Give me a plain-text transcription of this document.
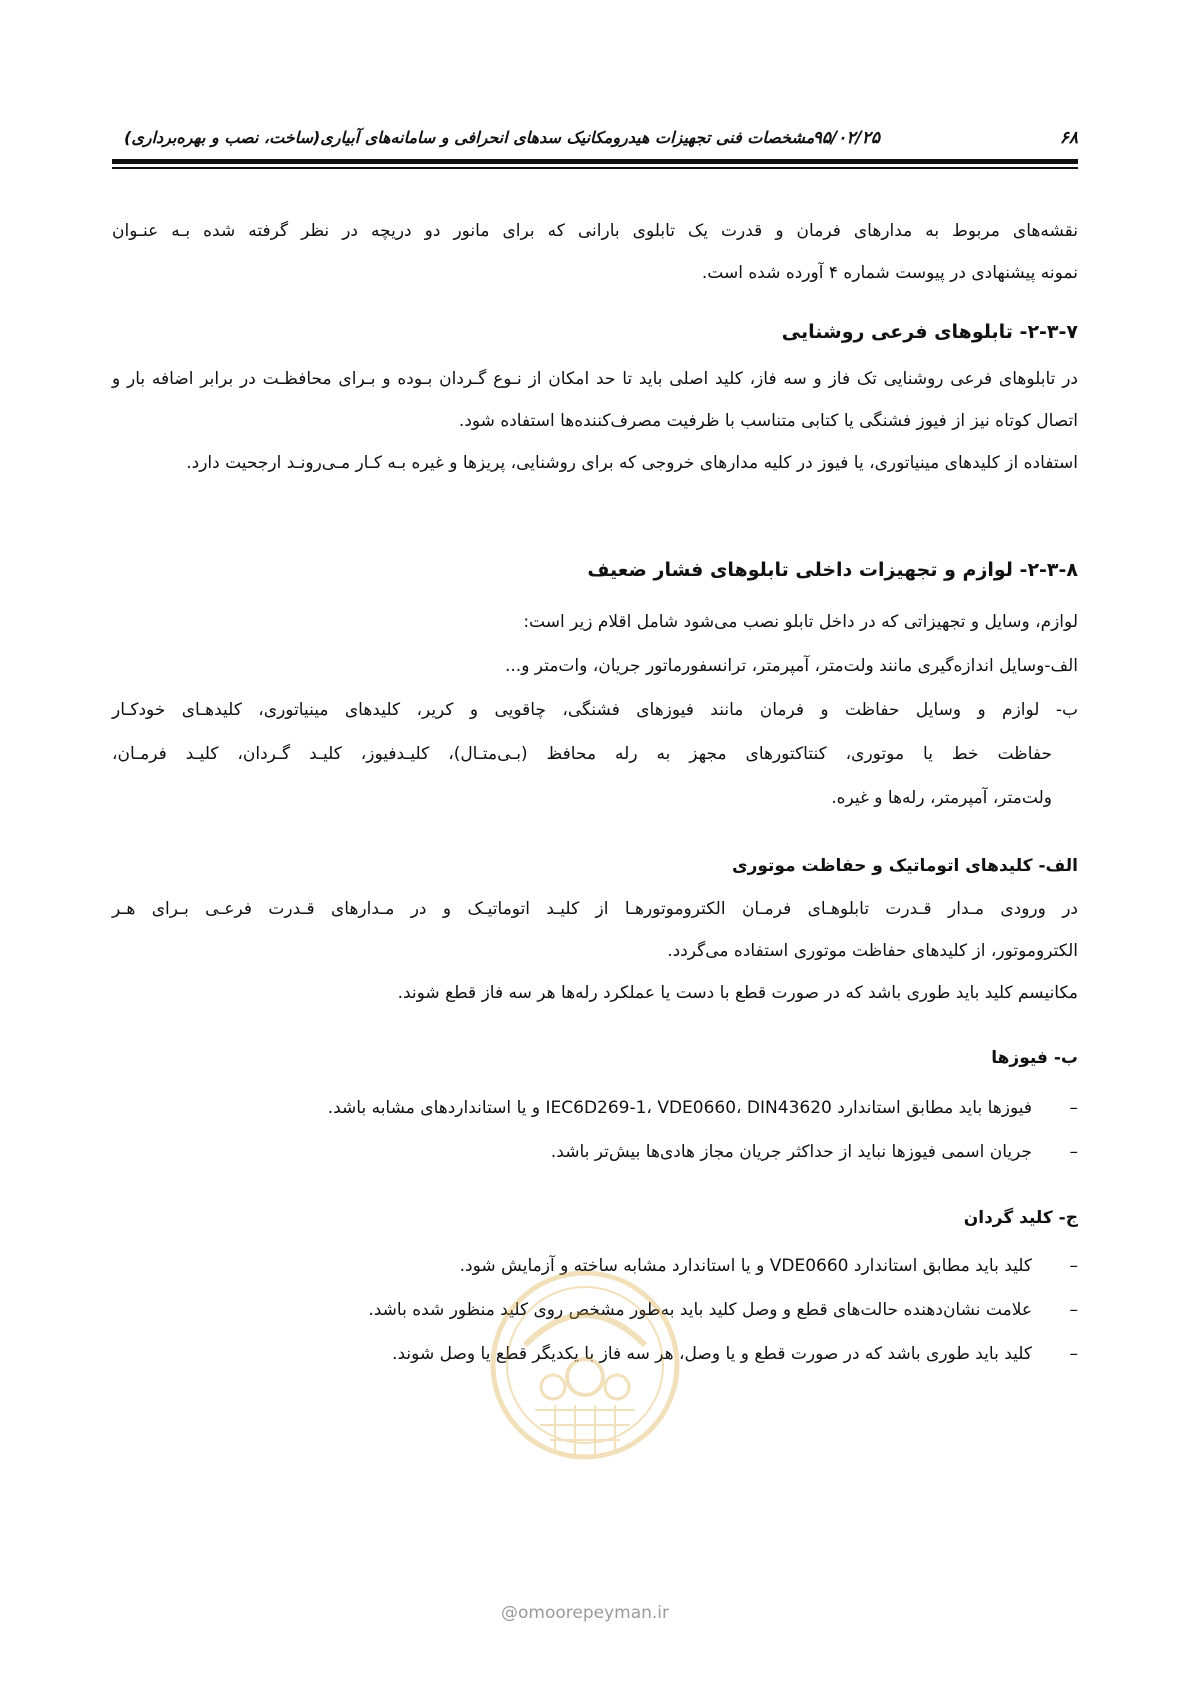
۶۸
۹۵/۰۲/۲۵
مشخصات فنی تجهیزات هیدرومکانیک سدهای انحرافی و سامانه‌های آبیاری(ساخت، نصب و بهره‌برداری)

نقشه‌های مربوط به مدارهای فرمان و قدرت یک تابلوی بارانی که برای مانور دو دریچه در نظر گرفته شده بـه عنـوان

نمونه پیشنهادی در پیوست شماره ۴ آورده شده است.

۲-۳-۷- تابلوهای فرعی روشنایی

در تابلوهای فرعی روشنایی تک فاز و سه فاز، کلید اصلی باید تا حد امکان از نـوع گـردان بـوده و بـرای محافظـت در برابر اضافه بار و اتصال کوتاه نیز از فیوز فشنگی یا کتابی متناسب با ظرفیت مصرف‌کننده‌ها استفاده شود.

استفاده از کلیدهای مینیاتوری، یا فیوز در کلیه مدارهای خروجی که برای روشنایی، پریزها و غیره بـه کـار مـی‌رونـد ارجحیت دارد.

۲-۳-۸- لوازم و تجهیزات داخلی تابلوهای فشار ضعیف

لوازم، وسایل و تجهیزاتی که در داخل تابلو نصب می‌شود شامل اقلام زیر است:

الف-وسایل اندازه‌گیری مانند ولت‌متر، آمپرمتر، ترانسفورماتور جریان، وات‌متر و...

ب- لوازم و وسایل حفاظت و فرمان مانند فیوزهای فشنگی، چاقویی و کریر، کلیدهای مینیاتوری، کلیدهـای خودکـار

حفاظت خط یا موتوری، کنتاکتورهای مجهز به رله محافظ (بـی‌متـال)، کلیـدفیوز، کلیـد گـردان، کلیـد فرمـان،

ولت‌متر، آمپرمتر، رله‌ها و غیره.

الف- کلیدهای اتوماتیک و حفاظت موتوری

در ورودی مـدار قـدرت تابلوهـای فرمـان الکتروموتورهـا از کلیـد اتوماتیـک و در مـدارهای قـدرت فرعـی بـرای هـر

الکتروموتور، از کلیدهای حفاظت موتوری استفاده می‌گردد.

مکانیسم کلید باید طوری باشد که در صورت قطع با دست یا عملکرد رله‌ها هر سه فاز قطع شوند.

ب- فیوزها

–
فیوزها باید مطابق استاندارد IEC6D269-1، VDE0660، DIN43620 و یا استانداردهای مشابه باشد.

–
جریان اسمی فیوزها نباید از حداکثر جریان مجاز هادی‌ها بیش‌تر باشد.

ج- کلید گردان

–
کلید باید مطابق استاندارد VDE0660 و یا استاندارد مشابه ساخته و آزمایش شود.

–
علامت نشان‌دهنده حالت‌های قطع و وصل کلید باید به‌طور مشخص روی کلید منظور شده باشد.

–
کلید باید طوری باشد که در صورت قطع و یا وصل، هر سه فاز با یکدیگر قطع یا وصل شوند.

@omoorepeyman.ir
